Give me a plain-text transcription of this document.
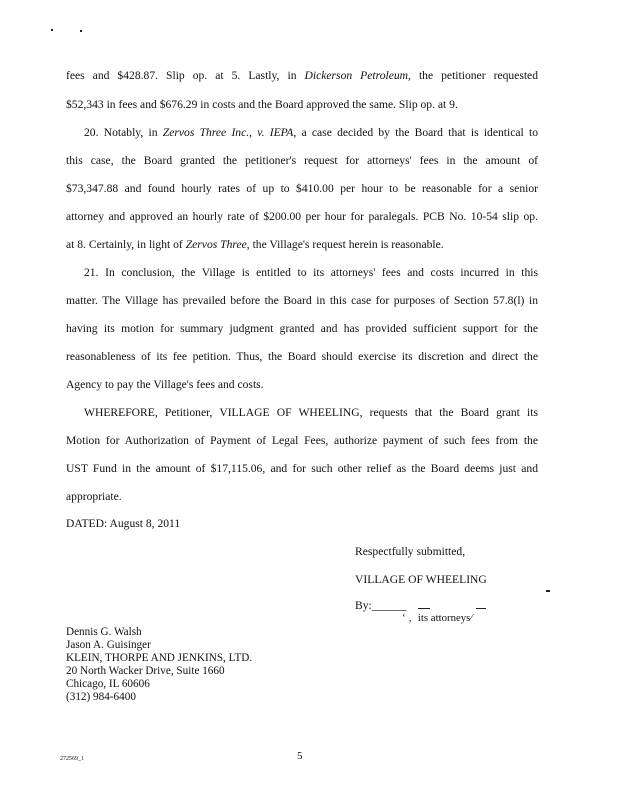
fees and $428.87. Slip op. at 5. Lastly, in Dickerson Petroleum, the petitioner requested
$52,343 in fees and $676.29 in costs and the Board approved the same. Slip op. at 9.
20. Notably, in Zervos Three Inc., v. IEPA, a case decided by the Board that is identical to
this case, the Board granted the petitioner's request for attorneys' fees in the amount of
$73,347.88 and found hourly rates of up to $410.00 per hour to be reasonable for a senior
attorney and approved an hourly rate of $200.00 per hour for paralegals. PCB No. 10-54 slip op.
at 8. Certainly, in light of Zervos Three, the Village's request herein is reasonable.
21. In conclusion, the Village is entitled to its attorneys' fees and costs incurred in this
matter. The Village has prevailed before the Board in this case for purposes of Section 57.8(l) in
having its motion for summary judgment granted and has provided sufficient support for the
reasonableness of its fee petition. Thus, the Board should exercise its discretion and direct the
Agency to pay the Village's fees and costs.
WHEREFORE, Petitioner, VILLAGE OF WHEELING, requests that the Board grant its
Motion for Authorization of Payment of Legal Fees, authorize payment of such fees from the
UST Fund in the amount of $17,115.06, and for such other relief as the Board deems just and
appropriate.
DATED: August 8, 2011
Respectfully submitted,
VILLAGE OF WHEELING
By:______
‘ ‚ its attorneys⁄
Dennis G. Walsh
Jason A. Guisinger
KLEIN, THORPE AND JENKINS, LTD.
20 North Wacker Drive, Suite 1660
Chicago, IL 60606
(312) 984-6400
272569_1	5
